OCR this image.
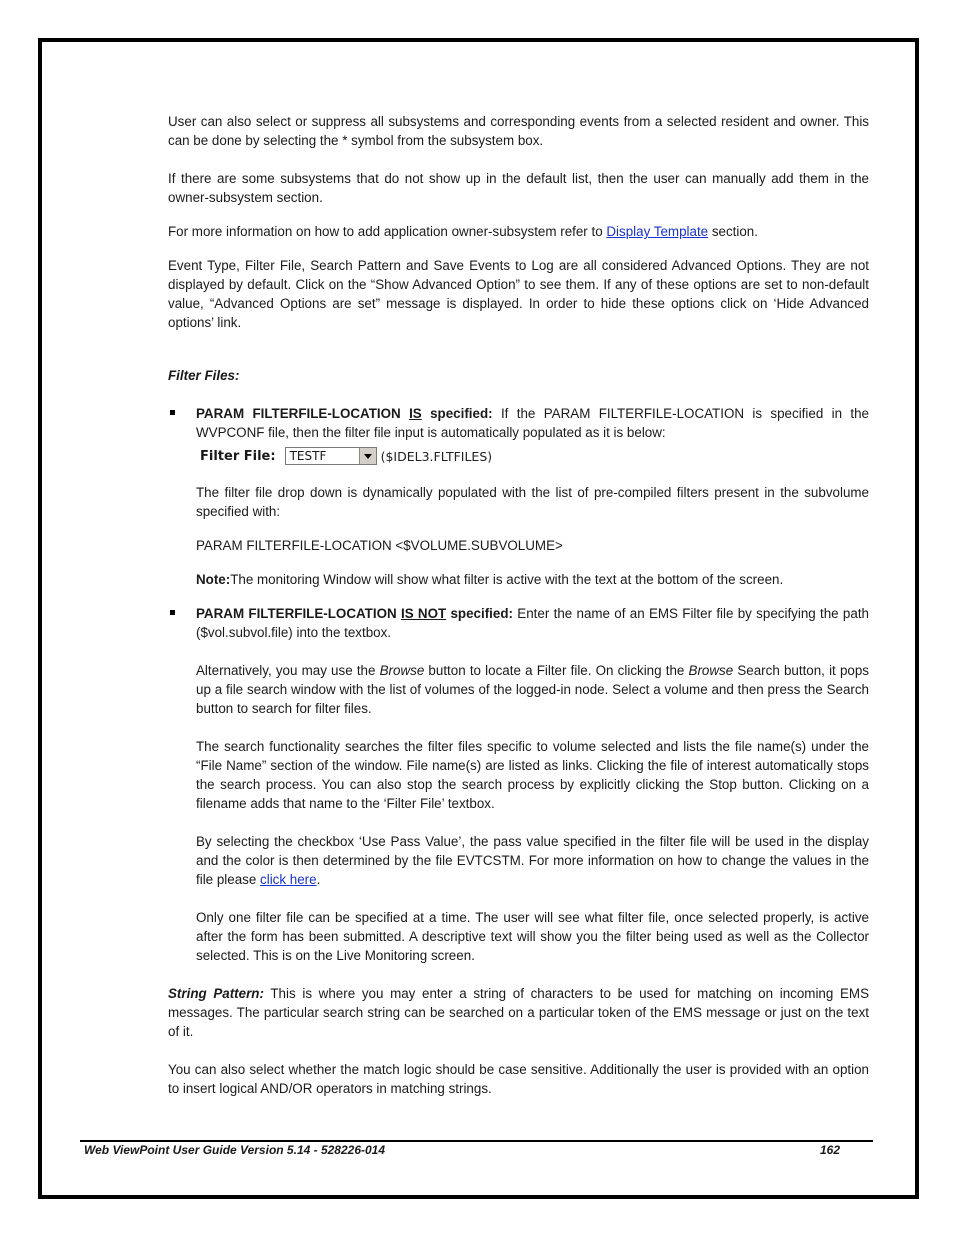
User can also select or suppress all subsystems and corresponding events from a selected resident and owner. This can be done by selecting the * symbol from the subsystem box.

If there are some subsystems that do not show up in the default list, then the user can manually add them in the owner-subsystem section.

For more information on how to add application owner-subsystem refer to Display Template section.

Event Type, Filter File, Search Pattern and Save Events to Log are all considered Advanced Options. They are not displayed by default. Click on the “Show Advanced Option” to see them. If any of these options are set to non-default value, “Advanced Options are set” message is displayed. In order to hide these options click on ‘Hide Advanced options’ link.

Filter Files:

PARAM FILTERFILE-LOCATION IS specified: If the PARAM FILTERFILE-LOCATION is specified in the WVPCONF file, then the filter file input is automatically populated as it is below:

Filter File:	TESTF	($IDEL3.FLTFILES)

The filter file drop down is dynamically populated with the list of pre-compiled filters present in the subvolume specified with:

PARAM FILTERFILE-LOCATION <$VOLUME.SUBVOLUME>

Note:The monitoring Window will show what filter is active with the text at the bottom of the screen.

PARAM FILTERFILE-LOCATION IS NOT specified: Enter the name of an EMS Filter file by specifying the path ($vol.subvol.file) into the textbox.

Alternatively, you may use the Browse button to locate a Filter file. On clicking the Browse Search button, it pops up a file search window with the list of volumes of the logged-in node. Select a volume and then press the Search button to search for filter files.

The search functionality searches the filter files specific to volume selected and lists the file name(s) under the “File Name” section of the window. File name(s) are listed as links. Clicking the file of interest automatically stops the search process. You can also stop the search process by explicitly clicking the Stop button. Clicking on a filename adds that name to the ‘Filter File’ textbox.

By selecting the checkbox ‘Use Pass Value’, the pass value specified in the filter file will be used in the display and the color is then determined by the file EVTCSTM. For more information on how to change the values in the file please click here.

Only one filter file can be specified at a time. The user will see what filter file, once selected properly, is active after the form has been submitted. A descriptive text will show you the filter being used as well as the Collector selected. This is on the Live Monitoring screen.

String Pattern: This is where you may enter a string of characters to be used for matching on incoming EMS messages. The particular search string can be searched on a particular token of the EMS message or just on the text of it.

You can also select whether the match logic should be case sensitive. Additionally the user is provided with an option to insert logical AND/OR operators in matching strings.

Web ViewPoint User Guide Version 5.14 - 528226-014	162
